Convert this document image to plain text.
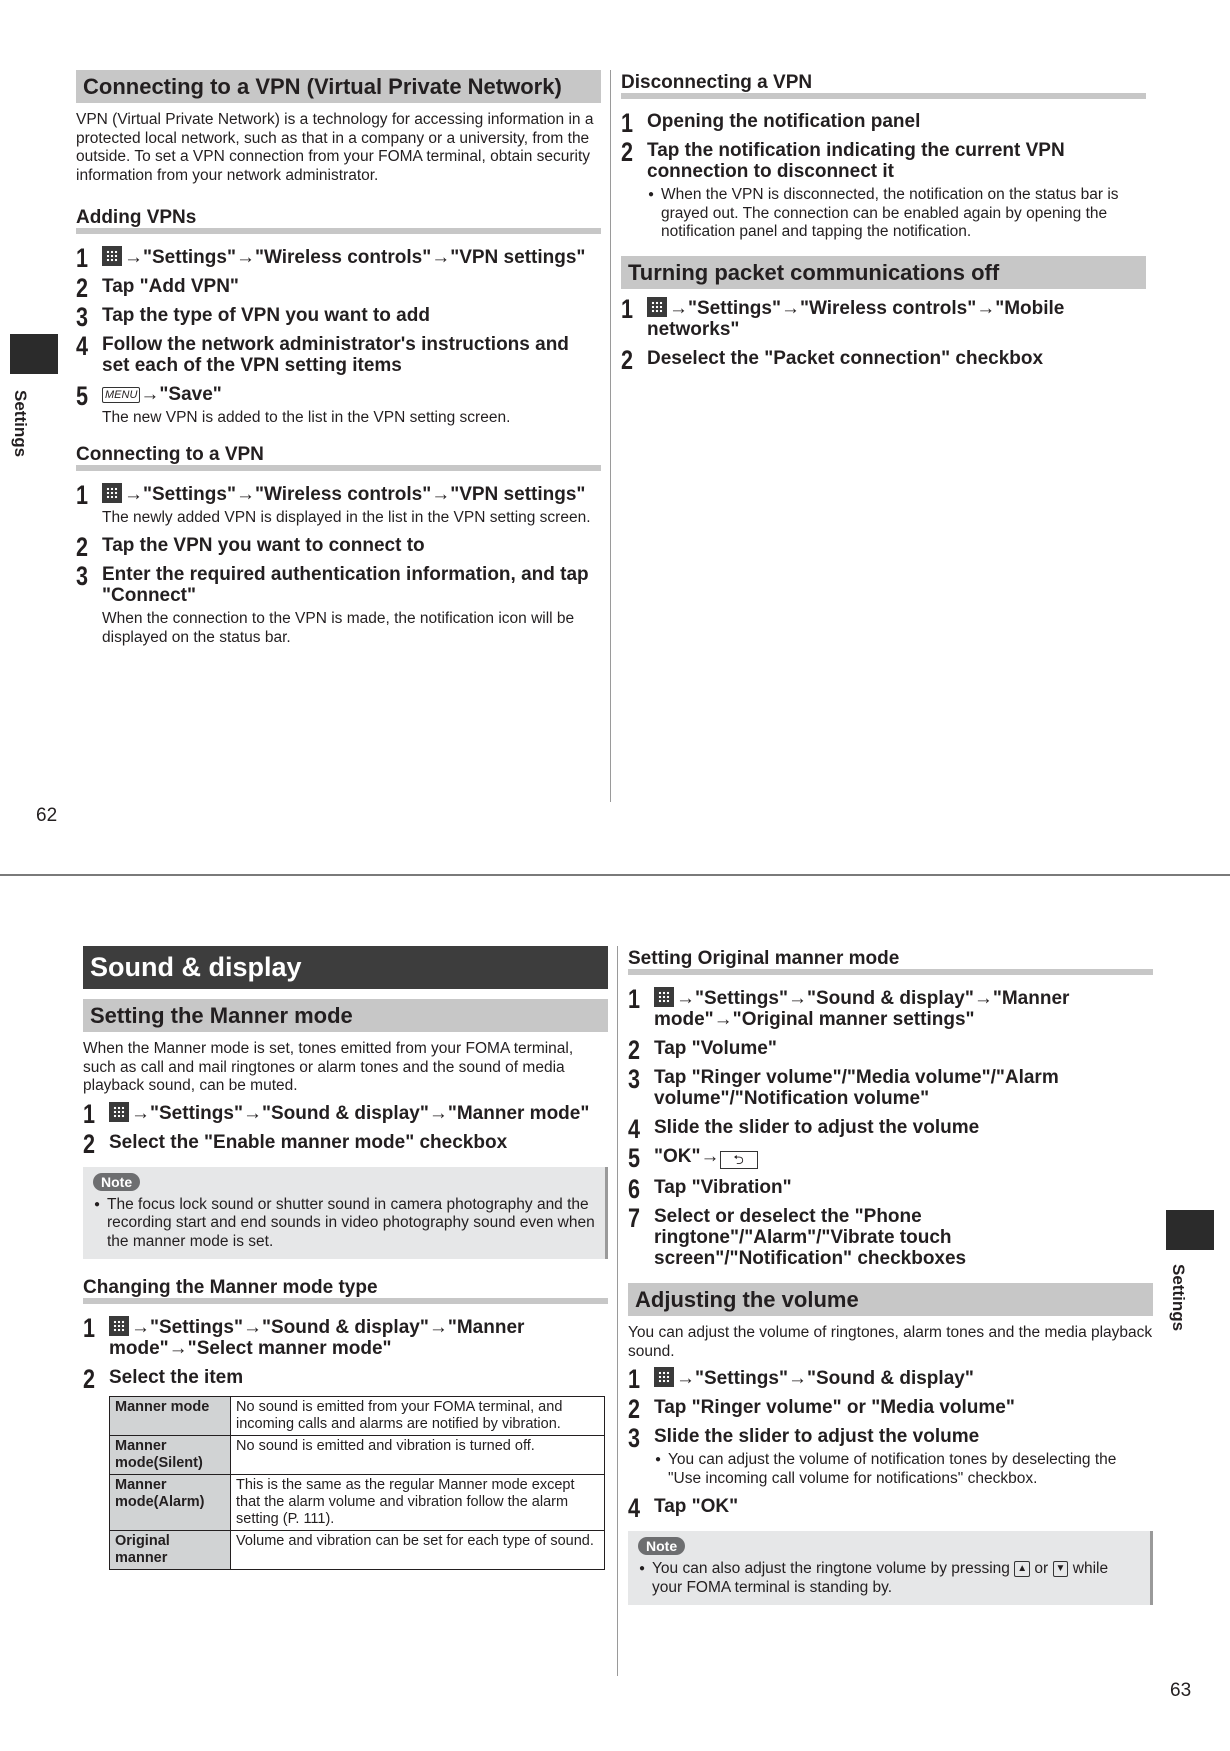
Settings
62
Connecting to a VPN (Virtual Private Network)
VPN (Virtual Private Network) is a technology for accessing information in a protected local network, such as that in a company or a university, from the outside. To set a VPN connection from your FOMA terminal, obtain security information from your network administrator.
Adding VPNs
1	→"Settings"→"Wireless controls"→"VPN settings"
2 Tap "Add VPN"
3 Tap the type of VPN you want to add
4 Follow the network administrator's instructions and set each of the VPN setting items
5 MENU →"Save"
The new VPN is added to the list in the VPN setting screen.
Connecting to a VPN
1	→"Settings"→"Wireless controls"→"VPN settings"
The newly added VPN is displayed in the list in the VPN setting screen.
2 Tap the VPN you want to connect to
3 Enter the required authentication information, and tap "Connect"
When the connection to the VPN is made, the notification icon will be displayed on the status bar.
Disconnecting a VPN
1 Opening the notification panel
2 Tap the notification indicating the current VPN connection to disconnect it
● When the VPN is disconnected, the notification on the status bar is grayed out. The connection can be enabled again by opening the notification panel and tapping the notification.
Turning packet communications off
1	→"Settings"→"Wireless controls"→"Mobile networks"
2 Deselect the "Packet connection" checkbox
Settings
63
Sound & display
Setting the Manner mode
When the Manner mode is set, tones emitted from your FOMA terminal, such as call and mail ringtones or alarm tones and the sound of media playback sound, can be muted.
1	→"Settings"→"Sound & display"→"Manner mode"
2 Select the "Enable manner mode" checkbox
Note
● The focus lock sound or shutter sound in camera photography and the recording start and end sounds in video photography sound even when the manner mode is set.
Changing the Manner mode type
1	→"Settings"→"Sound & display"→"Manner mode"→"Select manner mode"
2 Select the item
Manner mode	No sound is emitted from your FOMA terminal, and incoming calls and alarms are notified by vibration.
Manner mode(Silent)	No sound is emitted and vibration is turned off.
Manner mode(Alarm)	This is the same as the regular Manner mode except that the alarm volume and vibration follow the alarm setting (P. 111).
Original manner	Volume and vibration can be set for each type of sound.
Setting Original manner mode
1	→"Settings"→"Sound & display"→"Manner mode"→"Original manner settings"
2 Tap "Volume"
3 Tap "Ringer volume"/"Media volume"/"Alarm volume"/"Notification volume"
4 Slide the slider to adjust the volume
5 "OK"→ ⮌
6 Tap "Vibration"
7 Select or deselect the "Phone ringtone"/"Alarm"/"Vibrate touch screen"/"Notification" checkboxes
Adjusting the volume
You can adjust the volume of ringtones, alarm tones and the media playback sound.
1	→"Settings"→"Sound & display"
2 Tap "Ringer volume" or "Media volume"
3 Slide the slider to adjust the volume
● You can adjust the volume of notification tones by deselecting the "Use incoming call volume for notifications" checkbox.
4 Tap "OK"
Note
● You can also adjust the ringtone volume by pressing ▲ or ▼ while your FOMA terminal is standing by.
